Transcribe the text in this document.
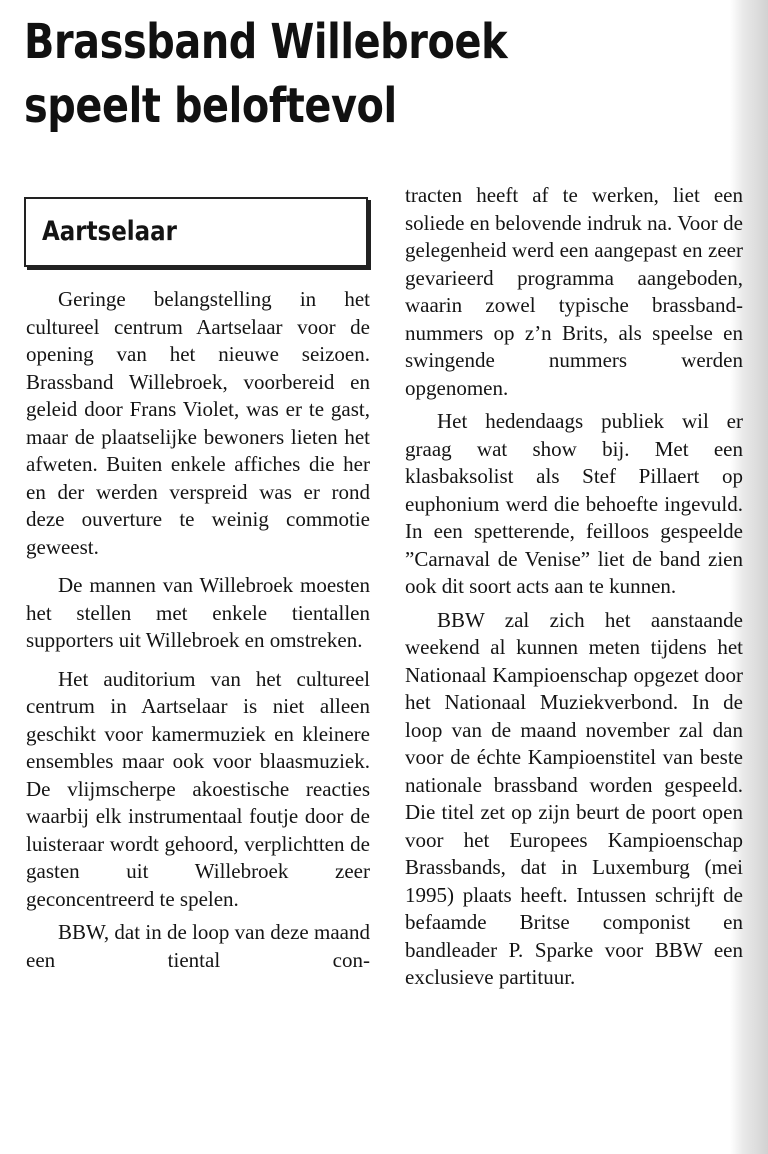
Brassband Willebroek
speelt beloftevol
Aartselaar

Geringe belangstelling in het cultureel centrum Aartselaar voor de opening van het nieuwe seizoen. Brassband Willebroek, voorbereid en geleid door Frans Violet, was er te gast, maar de plaatselijke bewoners lieten het afweten. Buiten enkele affiches die her en der werden verspreid was er rond deze ouverture te weinig commotie geweest.

De mannen van Willebroek moesten het stellen met enkele tientallen supporters uit Willebroek en omstreken.

Het auditorium van het cultureel centrum in Aartselaar is niet alleen geschikt voor kamermuziek en kleinere ensembles maar ook voor blaasmuziek. De vlijmscherpe akoestische reacties waarbij elk instrumentaal foutje door de luisteraar wordt gehoord, verplichtten de gasten uit Willebroek zeer geconcentreerd te spelen.

BBW, dat in de loop van deze maand een tiental con-

tracten heeft af te werken, liet een soliede en belovende indruk na. Voor de gelegenheid werd een aangepast en zeer gevarieerd programma aangeboden, waarin zowel typische brassband-nummers op z’n Brits, als speelse en swingende nummers werden opgenomen.

Het hedendaags publiek wil er graag wat show bij. Met een klasbaksolist als Stef Pillaert op euphonium werd die behoefte ingevuld. In een spetterende, feilloos gespeelde ”Carnaval de Venise” liet de band zien ook dit soort acts aan te kunnen.

BBW zal zich het aanstaande weekend al kunnen meten tijdens het Nationaal Kampioenschap opgezet door het Nationaal Muziekverbond. In de loop van de maand november zal dan voor de échte Kampioenstitel van beste nationale brassband worden gespeeld. Die titel zet op zijn beurt de poort open voor het Europees Kampioenschap Brassbands, dat in Luxemburg (mei 1995) plaats heeft. Intussen schrijft de befaamde Britse componist en bandleader P. Sparke voor BBW een exclusieve partituur.
